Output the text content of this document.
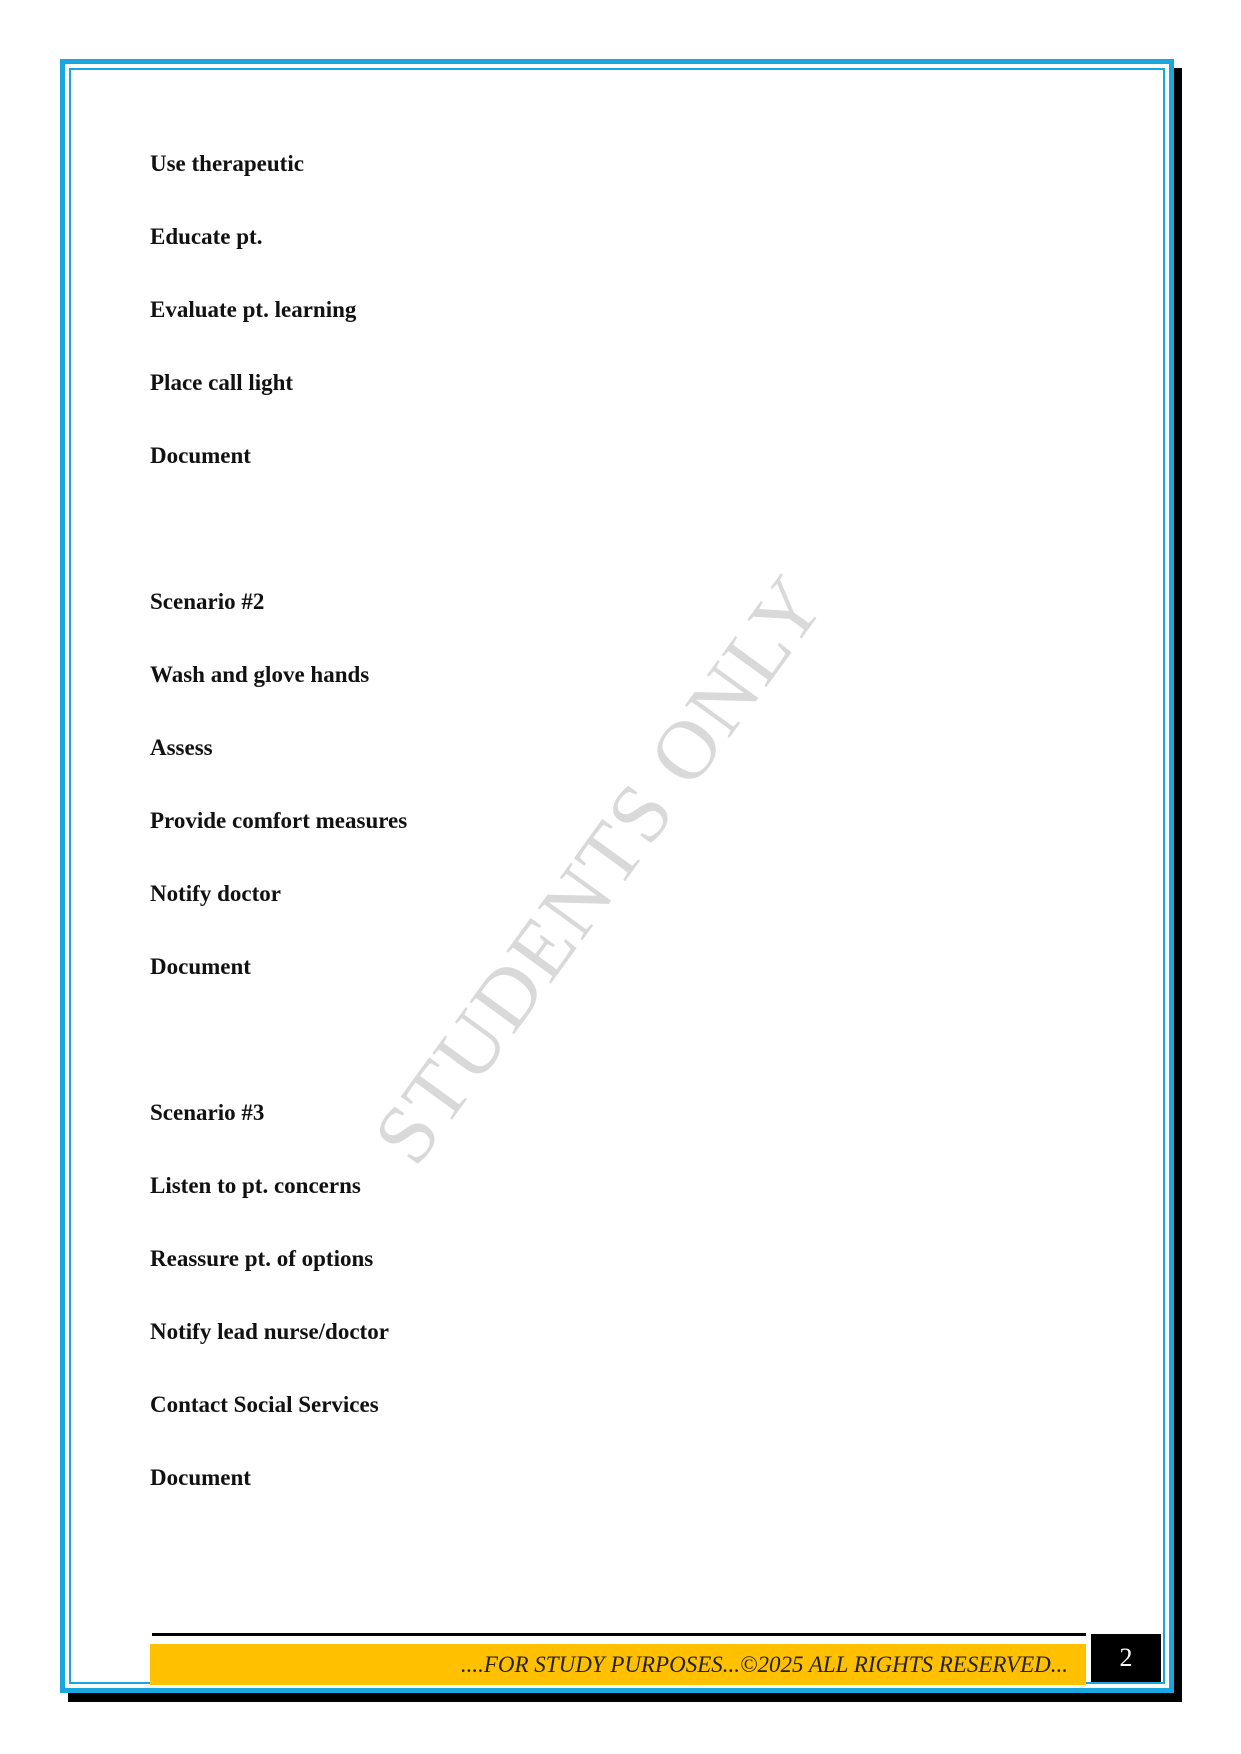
STUDENTS ONLY
Use therapeutic
Educate pt.
Evaluate pt. learning
Place call light
Document
Scenario #2
Wash and glove hands
Assess
Provide comfort measures
Notify doctor
Document
Scenario #3
Listen to pt. concerns
Reassure pt. of options
Notify lead nurse/doctor
Contact Social Services
Document
....FOR STUDY PURPOSES...©2025 ALL RIGHTS RESERVED...	2
